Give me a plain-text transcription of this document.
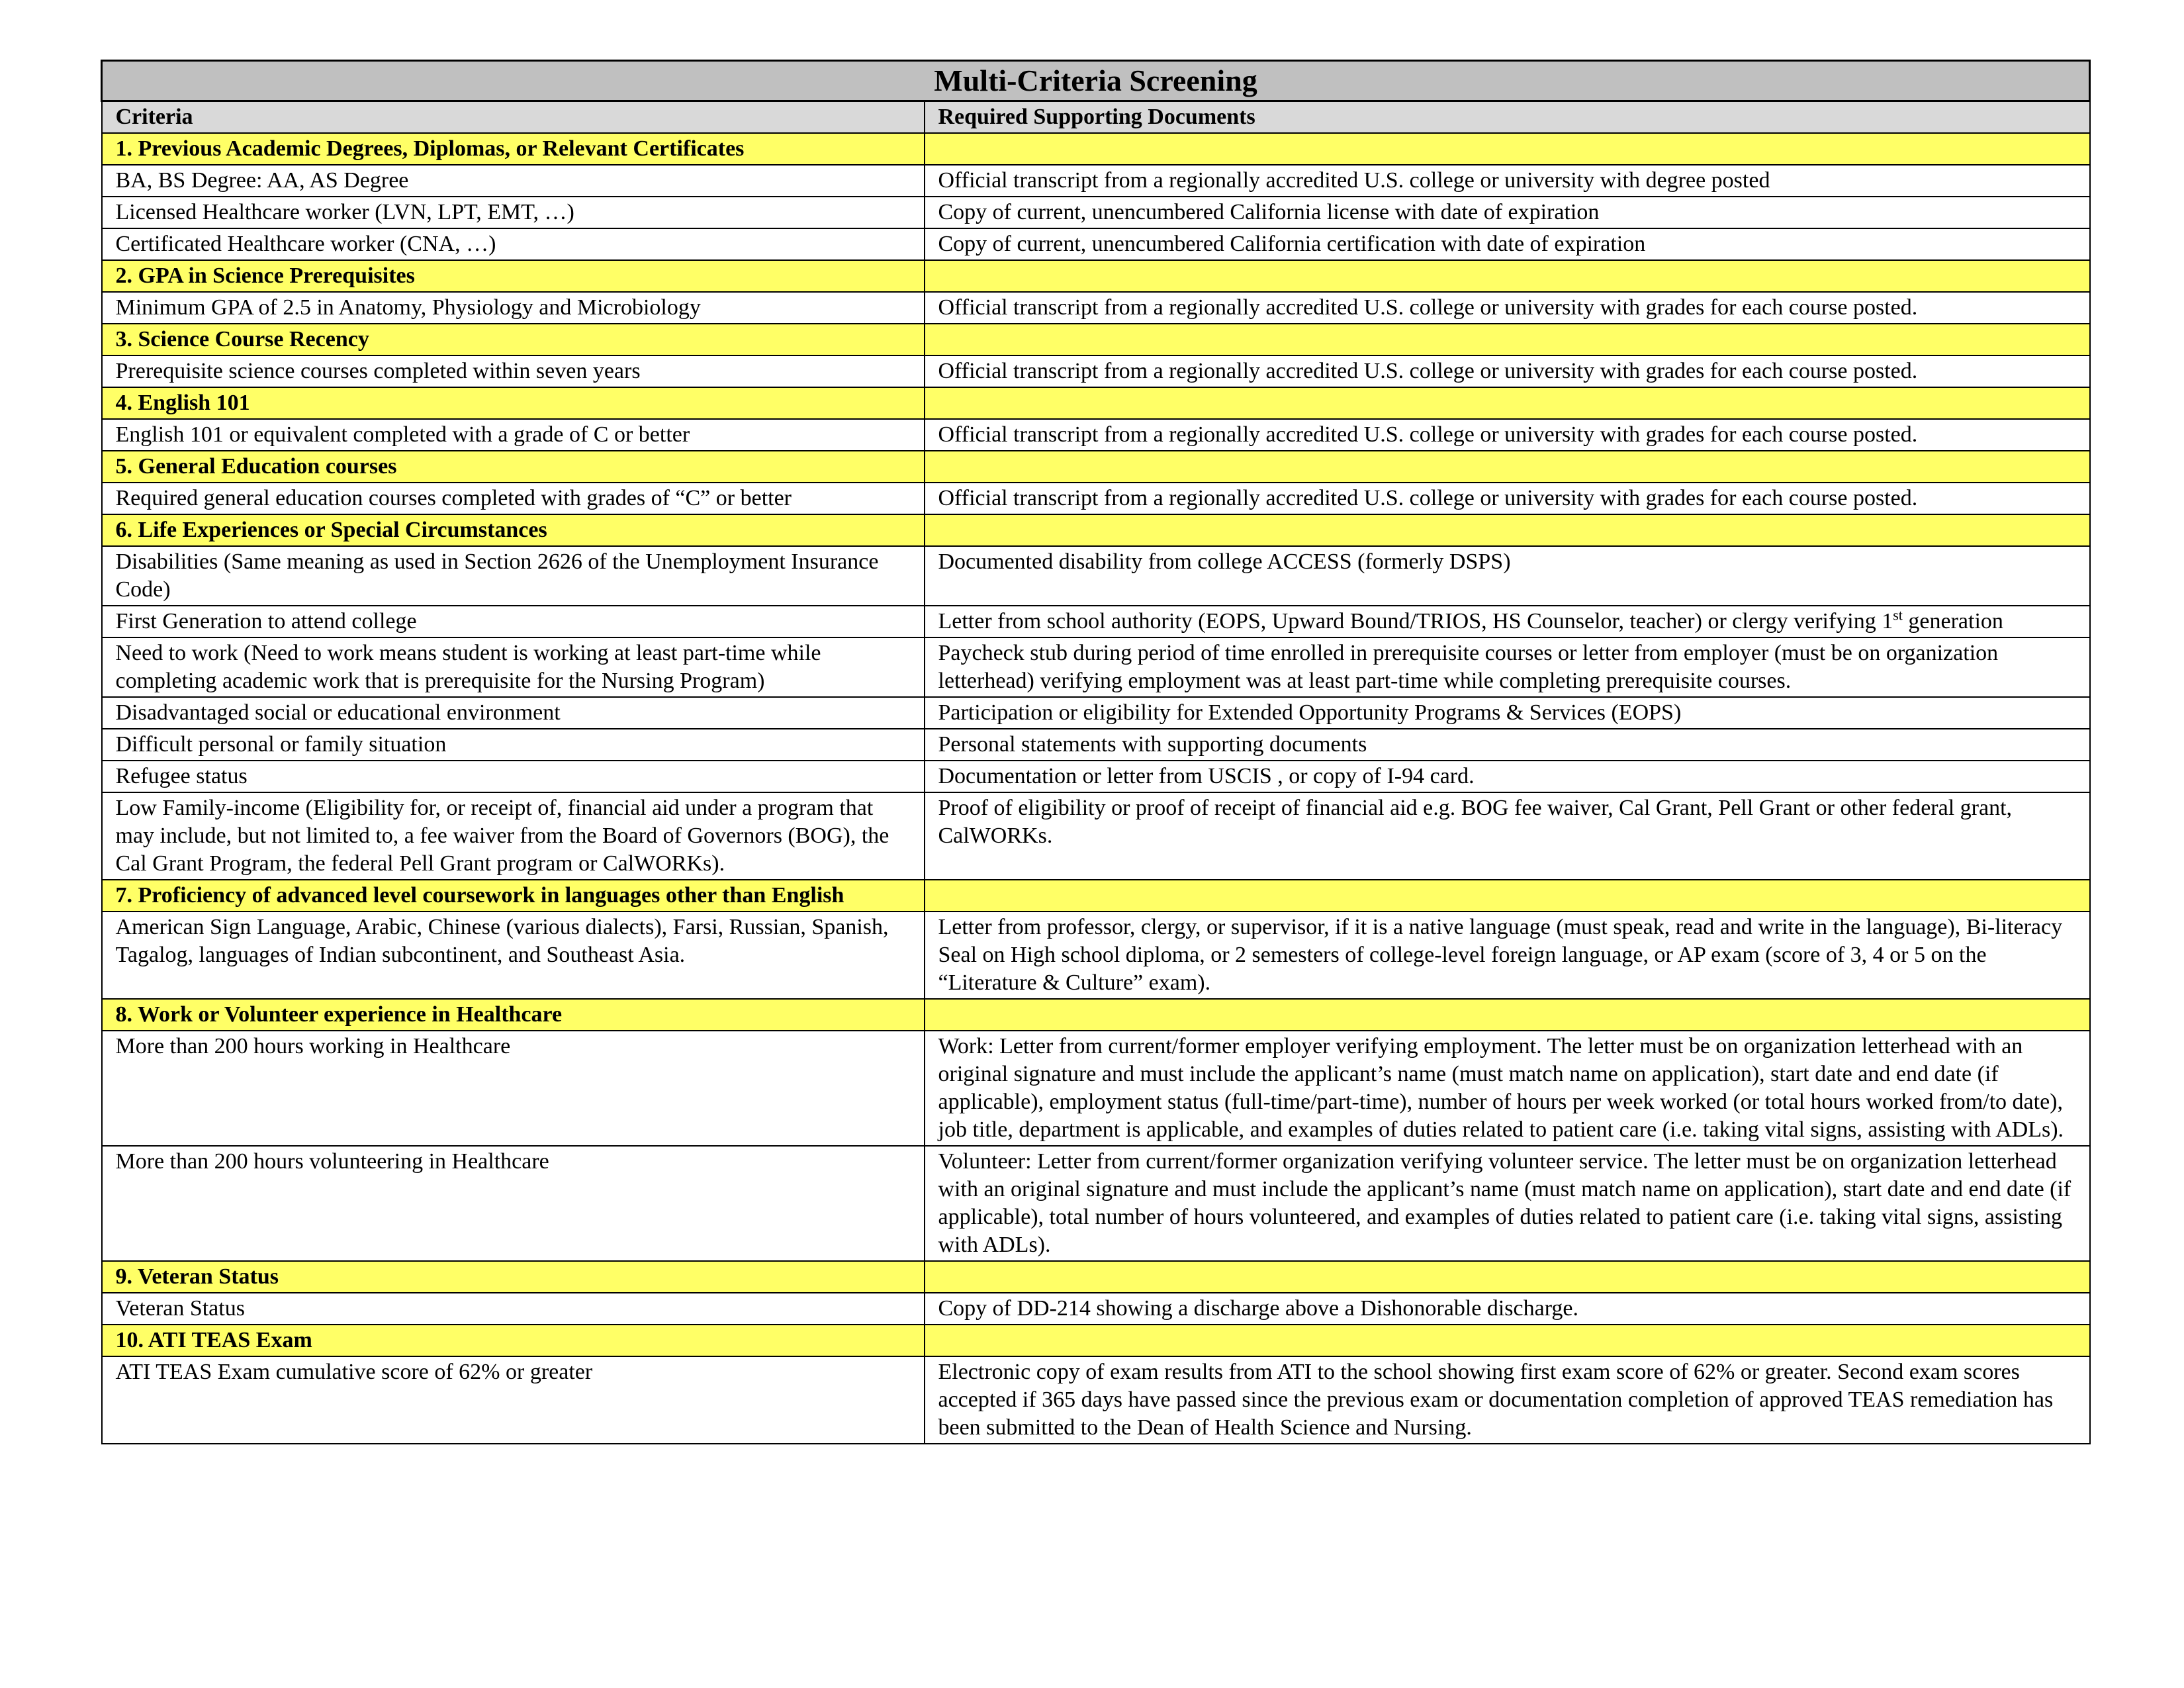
Multi-Criteria Screening	
Criteria	Required Supporting Documents
1. Previous Academic Degrees, Diplomas, or Relevant Certificates	
BA, BS Degree: AA, AS Degree	Official transcript from a regionally accredited U.S. college or university with degree posted
Licensed Healthcare worker (LVN, LPT, EMT, …)	Copy of current, unencumbered California license with date of expiration
Certificated Healthcare worker (CNA, …)	Copy of current, unencumbered California certification with date of expiration
2. GPA in Science Prerequisites	
Minimum GPA of 2.5 in Anatomy, Physiology and Microbiology	Official transcript from a regionally accredited U.S. college or university with grades for each course posted.
3. Science Course Recency	
Prerequisite science courses completed within seven years	Official transcript from a regionally accredited U.S. college or university with grades for each course posted.
4. English 101	
English 101 or equivalent completed with a grade of C or better	Official transcript from a regionally accredited U.S. college or university with grades for each course posted.
5. General Education courses	
Required general education courses completed with grades of “C” or better	Official transcript from a regionally accredited U.S. college or university with grades for each course posted.
6. Life Experiences or Special Circumstances	
Disabilities (Same meaning as used in Section 2626 of the Unemployment Insurance Code)	Documented disability from college ACCESS (formerly DSPS)
First Generation to attend college	Letter from school authority (EOPS, Upward Bound/TRIOS, HS Counselor, teacher) or clergy verifying 1st generation
Need to work (Need to work means student is working at least part-time while completing academic work that is prerequisite for the Nursing Program)	Paycheck stub during period of time enrolled in prerequisite courses or letter from employer (must be on organization letterhead) verifying employment was at least part-time while completing prerequisite courses.
Disadvantaged social or educational environment	Participation or eligibility for Extended Opportunity Programs & Services (EOPS)
Difficult personal or family situation	Personal statements with supporting documents
Refugee status	Documentation or letter from USCIS , or copy of I-94 card.
Low Family-income (Eligibility for, or receipt of, financial aid under a program that may include, but not limited to, a fee waiver from the Board of Governors (BOG), the Cal Grant Program, the federal Pell Grant program or CalWORKs).	Proof of eligibility or proof of receipt of financial aid e.g. BOG fee waiver, Cal Grant, Pell Grant or other federal grant, CalWORKs.
7. Proficiency of advanced level coursework in languages other than English	
American Sign Language, Arabic, Chinese (various dialects), Farsi, Russian, Spanish, Tagalog, languages of Indian subcontinent, and Southeast Asia.	Letter from professor, clergy, or supervisor, if it is a native language (must speak, read and write in the language), Bi-literacy Seal on High school diploma, or 2 semesters of college-level foreign language, or AP exam (score of 3, 4 or 5 on the “Literature & Culture” exam).
8. Work or Volunteer experience in Healthcare	
More than 200 hours working in Healthcare	Work: Letter from current/former employer verifying employment. The letter must be on organization letterhead with an original signature and must include the applicant’s name (must match name on application), start date and end date (if applicable), employment status (full-time/part-time), number of hours per week worked (or total hours worked from/to date), job title, department is applicable, and examples of duties related to patient care (i.e. taking vital signs, assisting with ADLs).
More than 200 hours volunteering in Healthcare	Volunteer: Letter from current/former organization verifying volunteer service. The letter must be on organization letterhead with an original signature and must include the applicant’s name (must match name on application), start date and end date (if applicable), total number of hours volunteered, and examples of duties related to patient care (i.e. taking vital signs, assisting with ADLs).
9. Veteran Status	
Veteran Status	Copy of DD-214 showing a discharge above a Dishonorable discharge.
10. ATI TEAS Exam	
ATI TEAS Exam cumulative score of 62% or greater	Electronic copy of exam results from ATI to the school showing first exam score of 62% or greater. Second exam scores accepted if 365 days have passed since the previous exam or documentation completion of approved TEAS remediation has been submitted to the Dean of Health Science and Nursing.
